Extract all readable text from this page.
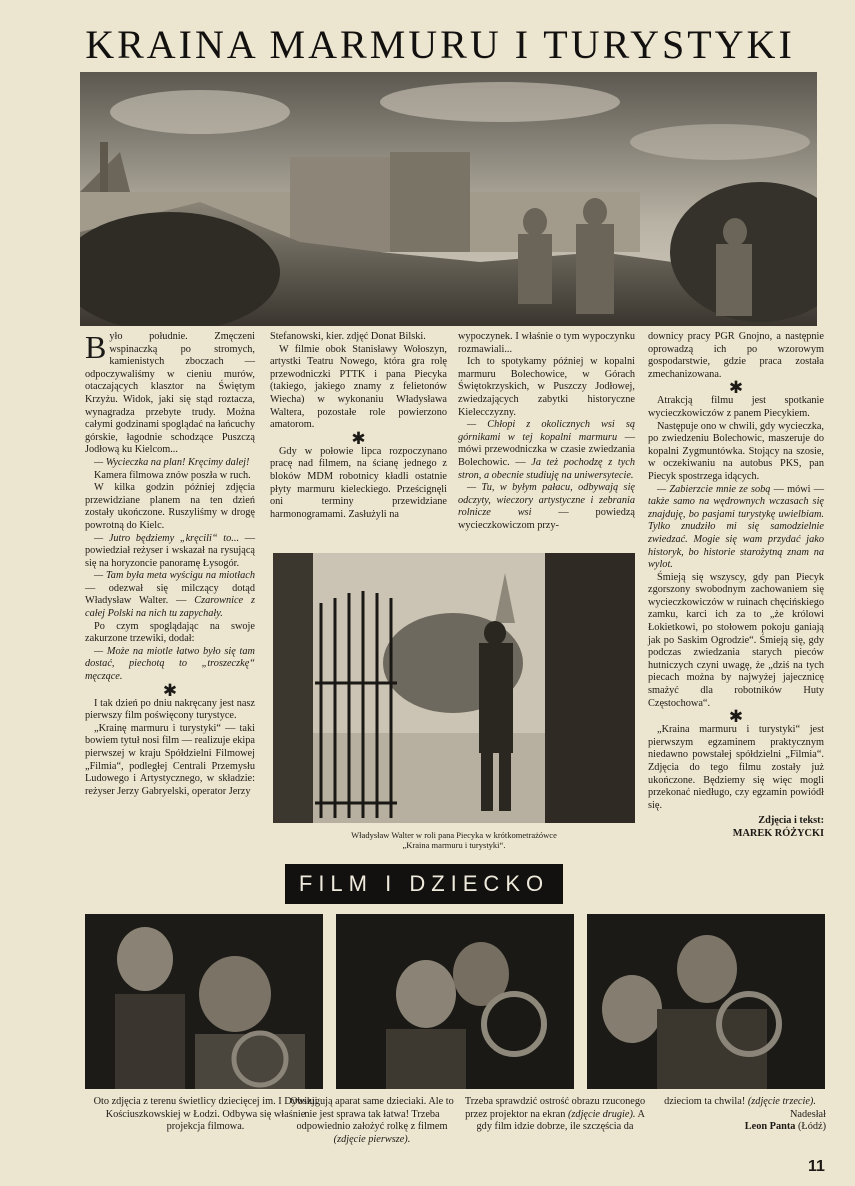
KRAINA MARMURU I TURYSTYKI

Było południe. Zmęczeni wspinaczką po stromych, kamienistych zboczach — odpoczywaliśmy w cieniu murów, otaczających klasztor na Świętym Krzyżu. Widok, jaki się stąd roztacza, wynagradza przebyte trudy. Można całymi godzinami spoglądać na łańcuchy górskie, łagodnie schodzące Puszczą Jodłową ku Kielcom...

— Wycieczka na plan! Kręcimy dalej!

Kamera filmowa znów poszła w ruch.

W kilka godzin później zdjęcia przewidziane planem na ten dzień zostały ukończone. Ruszyliśmy w drogę powrotną do Kielc.

— Jutro będziemy „kręcili“ to... — powiedział reżyser i wskazał na rysującą się na horyzoncie panoramę Łysogór.

— Tam była meta wyścigu na miotłach — odezwał się milczący dotąd Władysław Walter. — Czarownice z całej Polski na nich tu zapychały.

Po czym spoglądając na swoje zakurzone trzewiki, dodał:

— Może na miotle łatwo było się tam dostać, piechotą to „troszeczkę“ męczące.

✱

I tak dzień po dniu nakręcany jest nasz pierwszy film poświęcony turystyce.

„Krainę marmuru i turystyki“ — taki bowiem tytuł nosi film — realizuje ekipa pierwszej w kraju Spółdzielni Filmowej „Filmia“, podległej Centrali Przemysłu Ludowego i Artystycznego, w składzie: reżyser Jerzy Gabryelski, operator Jerzy

Stefanowski, kier. zdjęć Donat Bilski.

W filmie obok Stanisławy Wołoszyn, artystki Teatru Nowego, która gra rolę przewodniczki PTTK i pana Piecyka (takiego, jakiego znamy z felietonów Wiecha) w wykonaniu Władysława Waltera, pozostałe role powierzono amatorom.

✱

Gdy w połowie lipca rozpoczynano pracę nad filmem, na ścianę jednego z bloków MDM robotnicy kładli ostatnie płyty marmuru kieleckiego. Prześcignęli oni terminy przewidziane harmonogramami. Zasłużyli na

wypoczynek. I właśnie o tym wypoczynku rozmawiali...

Ich to spotykamy później w kopalni marmuru Bolechowice, w Górach Świętokrzyskich, w Puszczy Jodłowej, zwiedzających zabytki historyczne Kielecczyzny.

— Chłopi z okolicznych wsi są górnikami w tej kopalni marmuru — mówi przewodniczka w czasie zwiedzania Bolechowic. — Ja też pochodzę z tych stron, a obecnie studiuję na uniwersytecie.

— Tu, w byłym pałacu, odbywają się odczyty, wieczory artystyczne i zebrania rolnicze wsi — powiedzą wycieczkowiczom przy-

Władysław Walter w roli pana Piecyka w krótkometrażówce
„Kraina marmuru i turystyki“.

downicy pracy PGR Gnojno, a następnie oprowadzą ich po wzorowym gospodarstwie, gdzie praca została zmechanizowana.

✱

Atrakcją filmu jest spotkanie wycieczkowiczów z panem Piecykiem.

Następuje ono w chwili, gdy wycieczka, po zwiedzeniu Bolechowic, maszeruje do kopalni Zygmuntówka. Stojący na szosie, w oczekiwaniu na autobus PKS, pan Piecyk spostrzega idących.

— Zabierzcie mnie ze sobą — mówi — także samo na wędrownych wczasach się znajduję, bo pasjami turystykę uwielbiam. Tylko znudziło mi się samodzielnie zwiedzać. Mogie się wam przydać jako historyk, bo historie starożytną znam na wylot.

Śmieją się wszyscy, gdy pan Piecyk zgorszony swobodnym zachowaniem się wycieczkowiczów w ruinach chęcińskiego zamku, karci ich za to „że królowi Łokietkowi, po stołowem pokoju ganiają jak po Saskim Ogrodzie“. Śmieją się, gdy podczas zwiedzania starych pieców hutniczych czyni uwagę, że „dziś na tych piecach można by najwyżej jajecznicę smażyć dla robotników Huty Częstochowa“.

✱

„Kraina marmuru i turystyki“ jest pierwszym egzaminem praktycznym niedawno powstałej spółdzielni „Filmia“. Zdjęcia do tego filmu zostały już ukończone. Będziemy się więc mogli przekonać niedługo, czy egzamin powiódł się.

Zdjęcia i tekst:

MAREK RÓŻYCKI

FILM I DZIECKO

Oto zdjęcia z terenu świetlicy dziecięcej im. I Dywizji Kościuszkowskiej w Łodzi. Odbywa się właśnie projekcja filmowa.

Obsługują aparat same dzieciaki. Ale to nie jest sprawa tak łatwa! Trzeba odpowiednio założyć rolkę z filmem (zdjęcie pierwsze).

Trzeba sprawdzić ostrość obrazu rzuconego przez projektor na ekran (zdjęcie drugie). A gdy film idzie dobrze, ile szczęścia da

dzieciom ta chwila! (zdjęcie trzecie).

Nadesłał

Leon Panta (Łódź)

11
